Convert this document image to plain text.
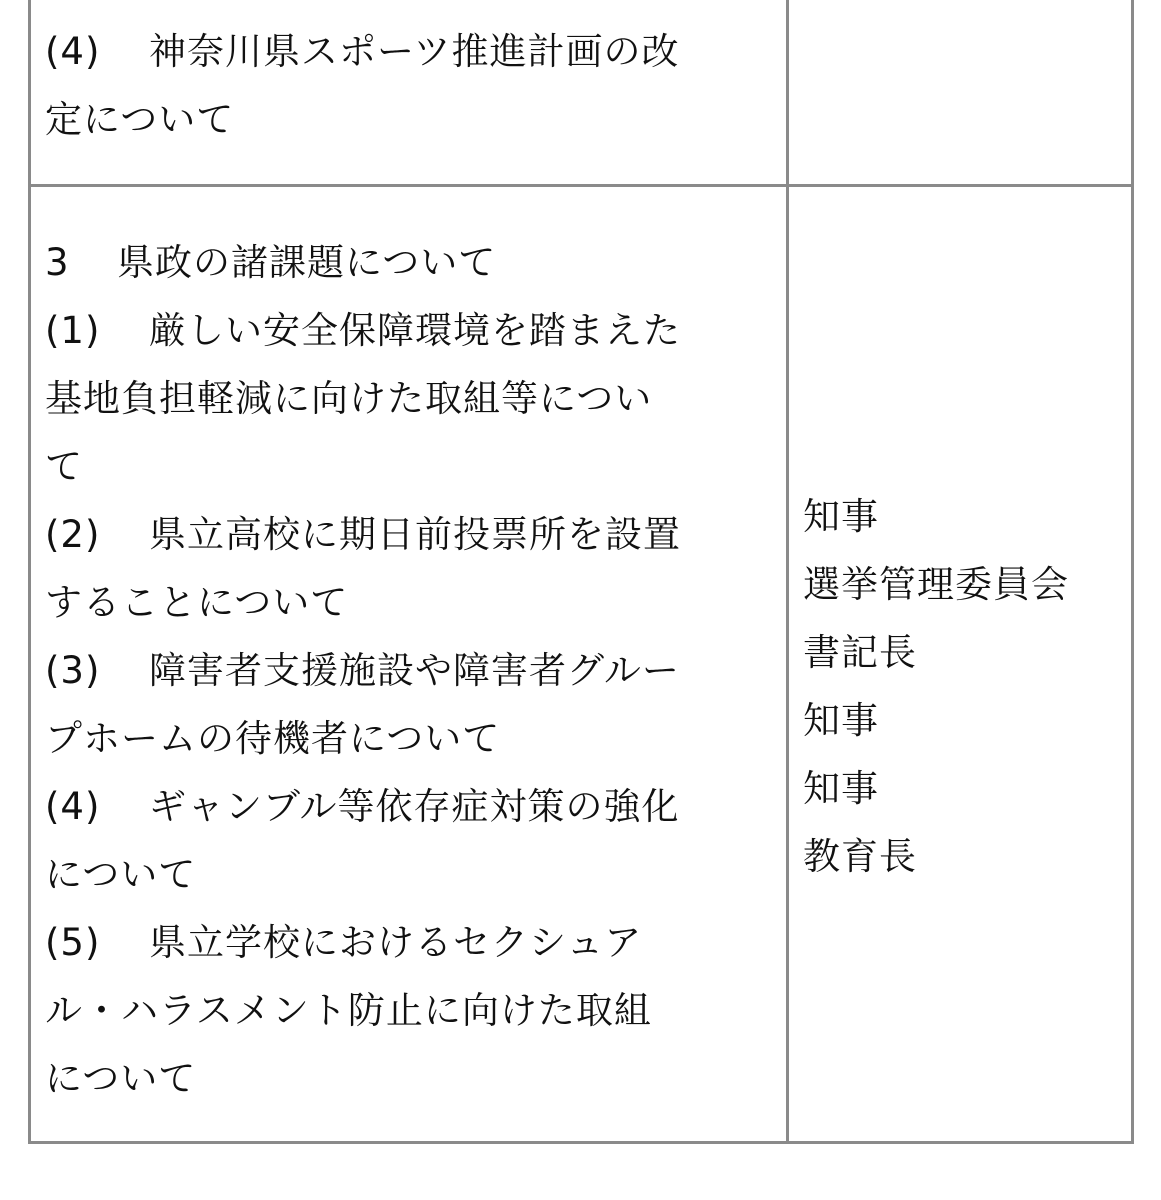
(4) 神奈川県スポーツ推進計画の改
定について
3 県政の諸課題について
(1) 厳しい安全保障環境を踏まえた
基地負担軽減に向けた取組等につい
て
(2) 県立高校に期日前投票所を設置
することについて
(3) 障害者支援施設や障害者グルー
プホームの待機者について
(4) ギャンブル等依存症対策の強化
について
(5) 県立学校におけるセクシュア
ル・ハラスメント防止に向けた取組
について
知事
選挙管理委員会
書記長
知事
知事
教育長
